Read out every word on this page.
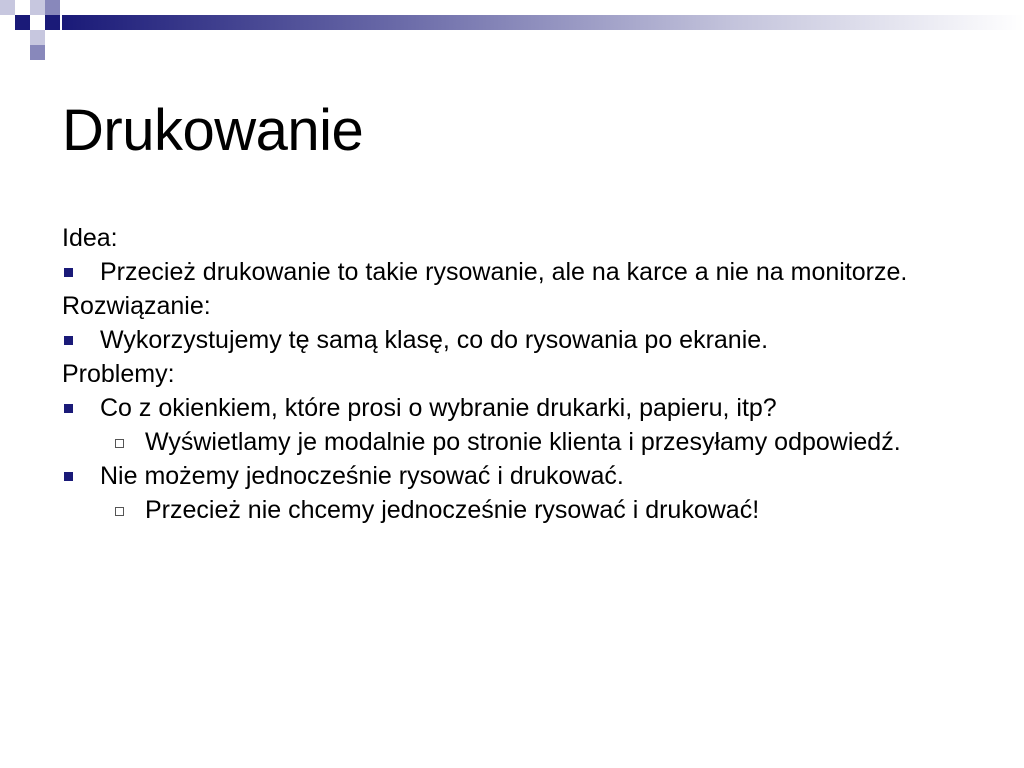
Drukowanie

Idea:

Przecież drukowanie to takie rysowanie, ale na karce a nie na monitorze.

Rozwiązanie:

Wykorzystujemy tę samą klasę, co do rysowania po ekranie.

Problemy:

Co z okienkiem, które prosi o wybranie drukarki, papieru, itp?
Wyświetlamy je modalnie po stronie klienta i przesyłamy odpowiedź.
Nie możemy jednocześnie rysować i drukować.
Przecież nie chcemy jednocześnie rysować i drukować!
